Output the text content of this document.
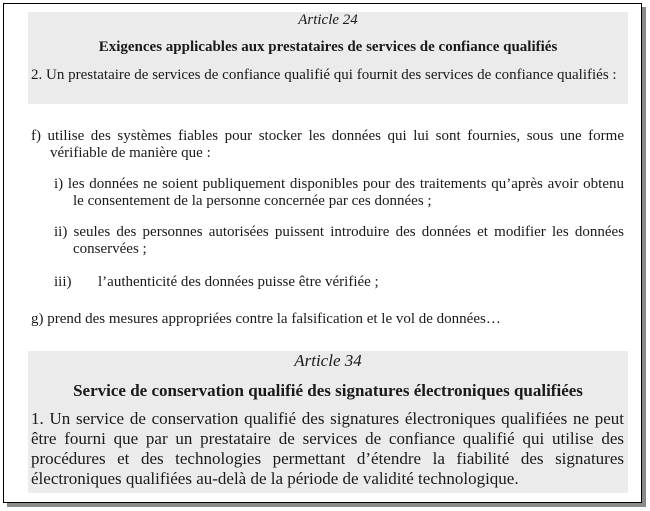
Article 24
Exigences applicables aux prestataires de services de confiance qualifiés
2. Un prestataire de services de confiance qualifié qui fournit des services de confiance qualifiés :
f) utilise des systèmes fiables pour stocker les données qui lui sont fournies, sous une forme vérifiable de manière que :
i) les données ne soient publiquement disponibles pour des traitements qu’après avoir obtenu le consentement de la personne concernée par ces données ;
ii) seules des personnes autorisées puissent introduire des données et modifier les données conservées ;
iii) l’authenticité des données puisse être vérifiée ;
g) prend des mesures appropriées contre la falsification et le vol de données…
Article 34
Service de conservation qualifié des signatures électroniques qualifiées
1. Un service de conservation qualifié des signatures électroniques qualifiées ne peut être fourni que par un prestataire de services de confiance qualifié qui utilise des procédures et des technologies permettant d’étendre la fiabilité des signatures électroniques qualifiées au-delà de la période de validité technologique.
